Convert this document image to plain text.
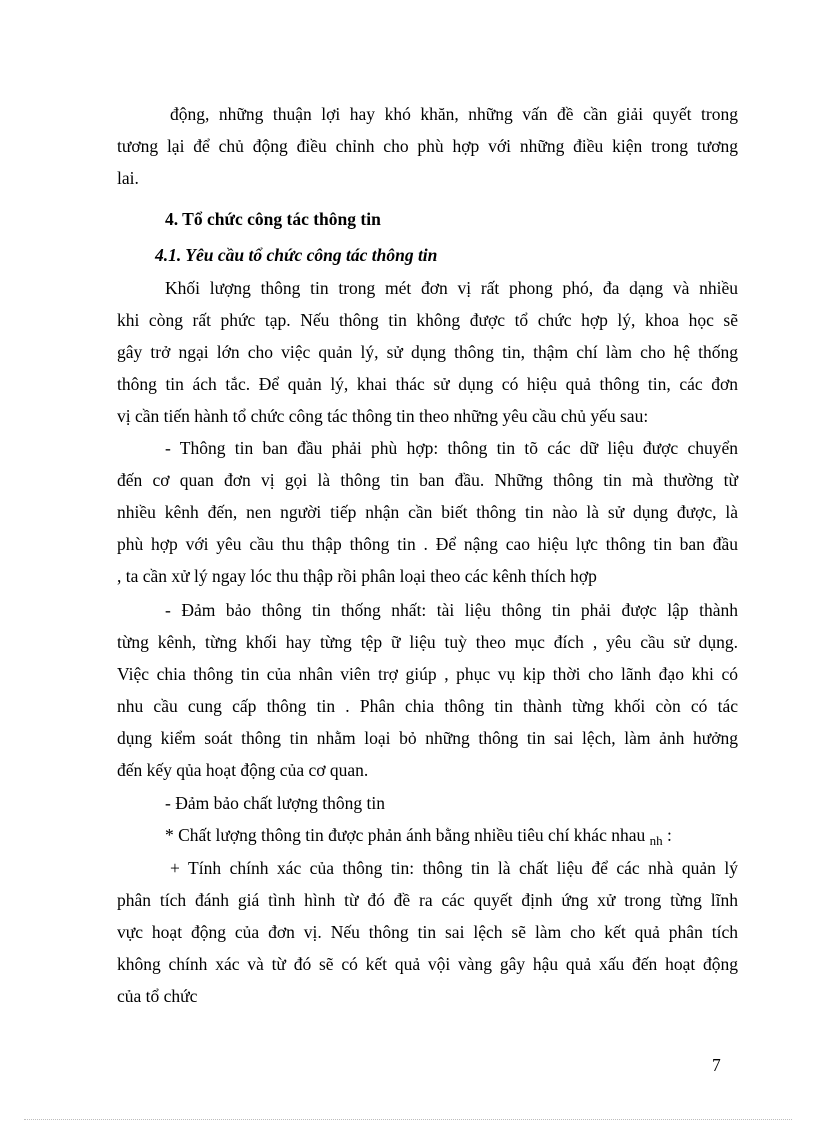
động, những thuận lợi hay khó khăn, những vấn đề cần giải quyết trong
tương lại để chủ động điều chỉnh cho phù hợp với những điều kiện trong tương
lai.
4. Tổ chức công tác thông tin
4.1. Yêu cầu tổ chức công tác thông tin
Khối lượng thông tin trong mét đơn vị rất phong phó, đa dạng và nhiều
khi còng rất phức tạp. Nếu thông tin không được tổ chức hợp lý, khoa học sẽ
gây trở ngại lớn cho việc quản lý, sử dụng thông tin, thậm chí làm cho hệ thống
thông tin ách tắc. Để quản lý, khai thác sử dụng có hiệu quả thông tin, các đơn
vị cần tiến hành tổ chức công tác thông tin theo những yêu cầu chủ yếu sau:
- Thông tin ban đầu phải phù hợp: thông tin tõ các dữ liệu được chuyển
đến cơ quan đơn vị gọi là thông tin ban đầu. Những thông tin mà thường từ
nhiều kênh đến, nen người tiếp nhận cần biết thông tin nào là sử dụng được, là
phù hợp với yêu cầu thu thập thông tin . Để nậng cao hiệu lực thông tin ban đầu
, ta cần xử lý ngay lóc thu thập rồi phân loại theo các kênh thích hợp
- Đảm bảo thông tin thống nhất: tài liệu thông tin phải được lập thành
từng kênh, từng khối hay từng tệp ữ liệu tuỳ theo mục đích , yêu cầu sử dụng.
Việc chia thông tin của nhân viên trợ giúp , phục vụ kịp thời cho lãnh đạo khi có
nhu cầu cung cấp thông tin . Phân chia thông tin thành từng khối còn có tác
dụng kiểm soát thông tin nhằm loại bỏ những thông tin sai lệch, làm ảnh hưởng
đến kếy qủa hoạt động của cơ quan.
- Đảm bảo chất lượng thông tin
* Chất lượng thông tin được phản ánh bằng nhiều tiêu chí khác nhau $_{nh}$ :
+ Tính chính xác của thông tin: thông tin là chất liệu để các nhà quản lý
phân tích đánh giá tình hình từ đó đề ra các quyết định ứng xử trong từng lĩnh
vực hoạt động của đơn vị. Nếu thông tin sai lệch sẽ làm cho kết quả phân tích
không chính xác và từ đó sẽ có kết quả vội vàng gây hậu quả xấu đến hoạt động
của tổ chức
7
